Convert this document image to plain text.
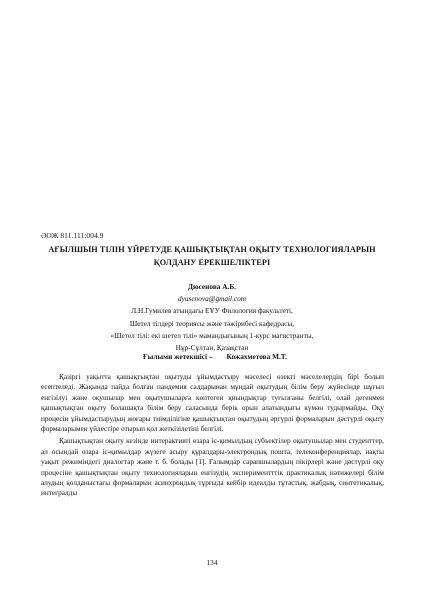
ӘОЖ 811.111:004.9
АҒЫЛШЫН ТІЛІН ҮЙРЕТУДЕ ҚАШЫҚТЫҚТАН ОҚЫТУ ТЕХНОЛОГИЯЛАРЫН
ҚОЛДАНУ ЕРЕКШЕЛІКТЕРІ
Дюсенова А.Б.
dyusenova@gmail.com
Л.Н.Гумилев атындағы ЕҰУ Филология факультеті,
Шетел тілдері теориясы және тәжірибесі кафедрасы,
«Шетел тілі: екі шетел тілі» мамандығының 1-курс магистранты,
Нұр-Сұлтан, Қазақстан
Ғылыми жетекшісі – Кожахметова М.Т.

Қазіргі уақытта қашықтықтан оқытуды ұйымдастыру мәселесі өзекті мәселелердің бірі болып есептеледі. Жақында пайда болған пандемия салдарынан мұндай оқытудың білім беру жүйесінде шұғыл енгізілуі және оқушылар мен оқытушыларға көптеген қиындықтар туғызғаны белгілі, олай дегенмен қашықтықтан оқыту болашақта білім беру саласында берік орын алатындығы күмән тудырмайды. Оқу процесін ұйымдастырудың жоғары тиімділігіне қашықтықтан оқытудың әртүрлі формаларын дәстүрлі оқыту формаларымен үйлестіре отырып қол жеткізілетіні белгілі.

Қашықтықтан оқыту кезінде интерактивті өзара іс-қимылдың субъектілер оқытушылар мен студенттер, ал осындай өзара іс-қимылдар жүзеге асыру құралдары-электрондық пошта, телеконференциялар, нақты уақыт режиміндегі диалогтар және т. б. болады [1]. Ғалымдар сарапшылардың пікірлері және дәстүрлі оқу процесіне қашықтықтан оқыту технологияларын енгізудің экспериментттік практикалық нәтижелері білім алудың қолданыстағы формаларын асинхрондық тұрғыда кейбір идеалды тұтастық, жабдық, синтетикалық, интегралды

134
